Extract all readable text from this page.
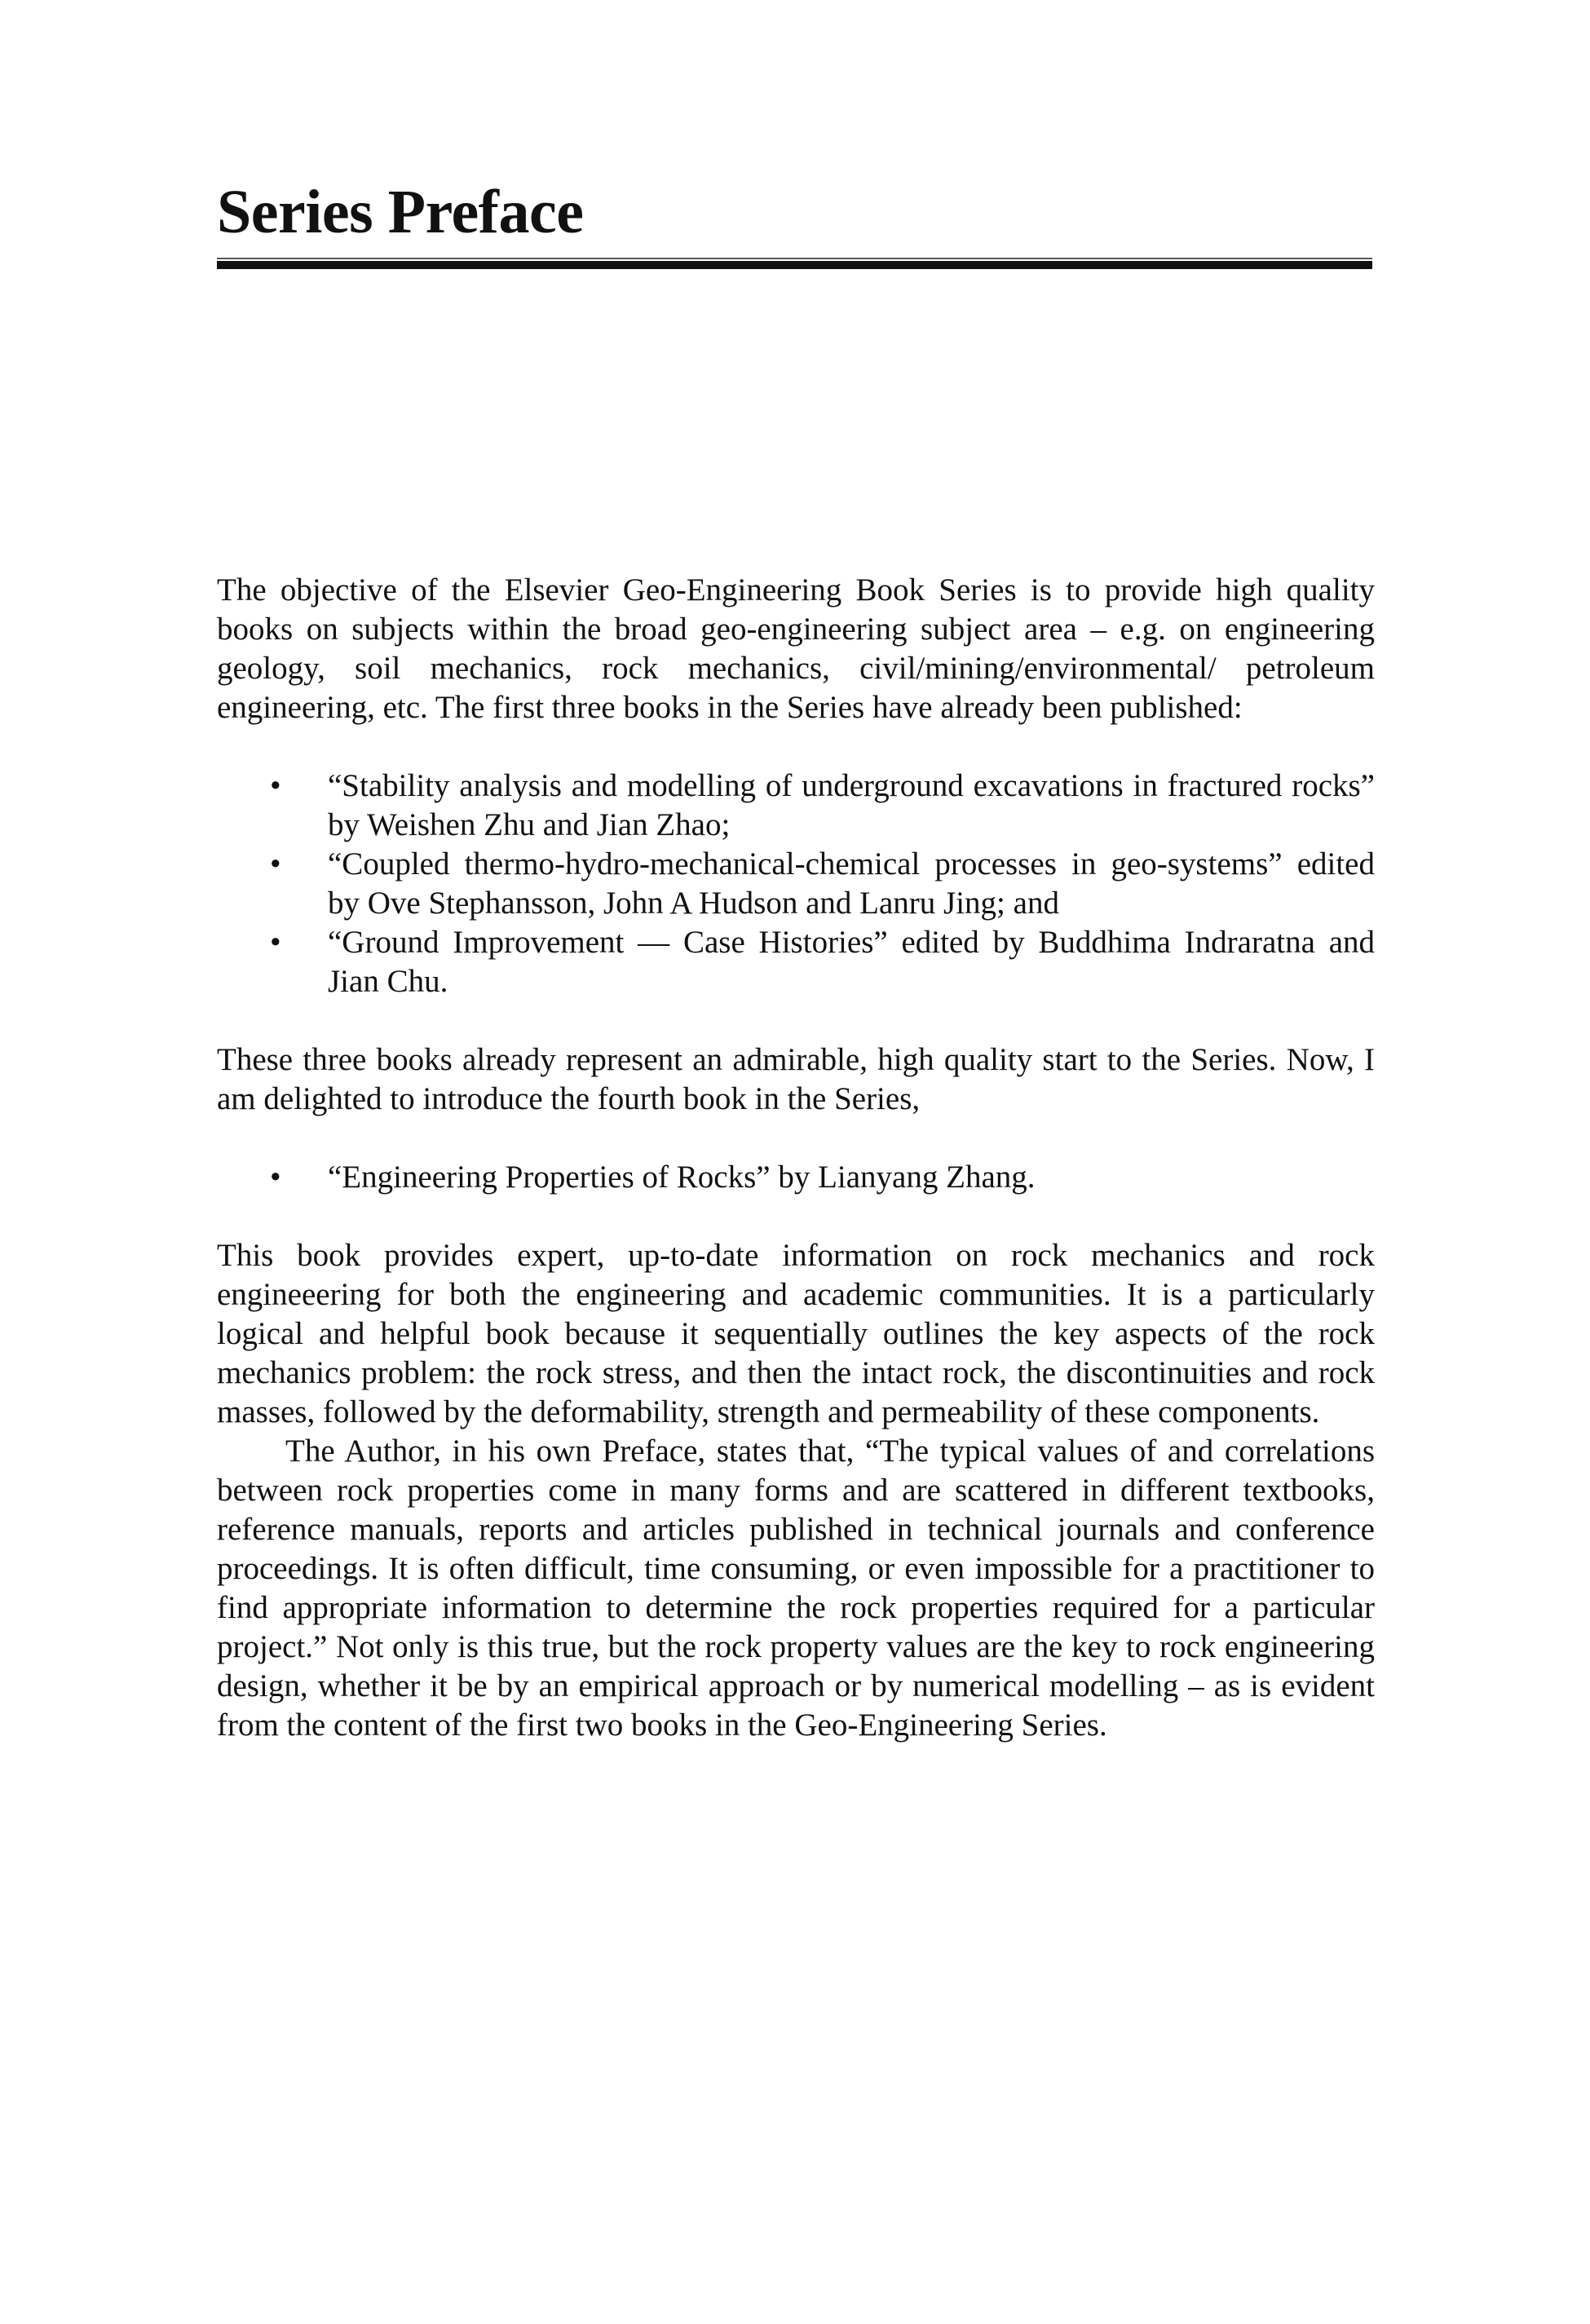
Series Preface

The objective of the Elsevier Geo-Engineering Book Series is to provide high quality books on subjects within the broad geo-engineering subject area – e.g. on engineering geology, soil mechanics, rock mechanics, civil/mining/environmental/ petroleum engineering, etc. The first three books in the Series have already been published:

• “Stability analysis and modelling of underground excavations in fractured rocks” by Weishen Zhu and Jian Zhao;
• “Coupled thermo-hydro-mechanical-chemical processes in geo-systems” edited by Ove Stephansson, John A Hudson and Lanru Jing; and
• “Ground Improvement — Case Histories” edited by Buddhima Indraratna and Jian Chu.

These three books already represent an admirable, high quality start to the Series. Now, I am delighted to introduce the fourth book in the Series,

• “Engineering Properties of Rocks” by Lianyang Zhang.

This book provides expert, up-to-date information on rock mechanics and rock engineeering for both the engineering and academic communities. It is a particularly logical and helpful book because it sequentially outlines the key aspects of the rock mechanics problem: the rock stress, and then the intact rock, the discontinuities and rock masses, followed by the deformability, strength and permeability of these components.

The Author, in his own Preface, states that, “The typical values of and correlations between rock properties come in many forms and are scattered in different textbooks, reference manuals, reports and articles published in technical journals and conference proceedings. It is often difficult, time consuming, or even impossible for a practitioner to find appropriate information to determine the rock properties required for a particular project.” Not only is this true, but the rock property values are the key to rock engineering design, whether it be by an empirical approach or by numerical modelling – as is evident from the content of the first two books in the Geo-Engineering Series.
